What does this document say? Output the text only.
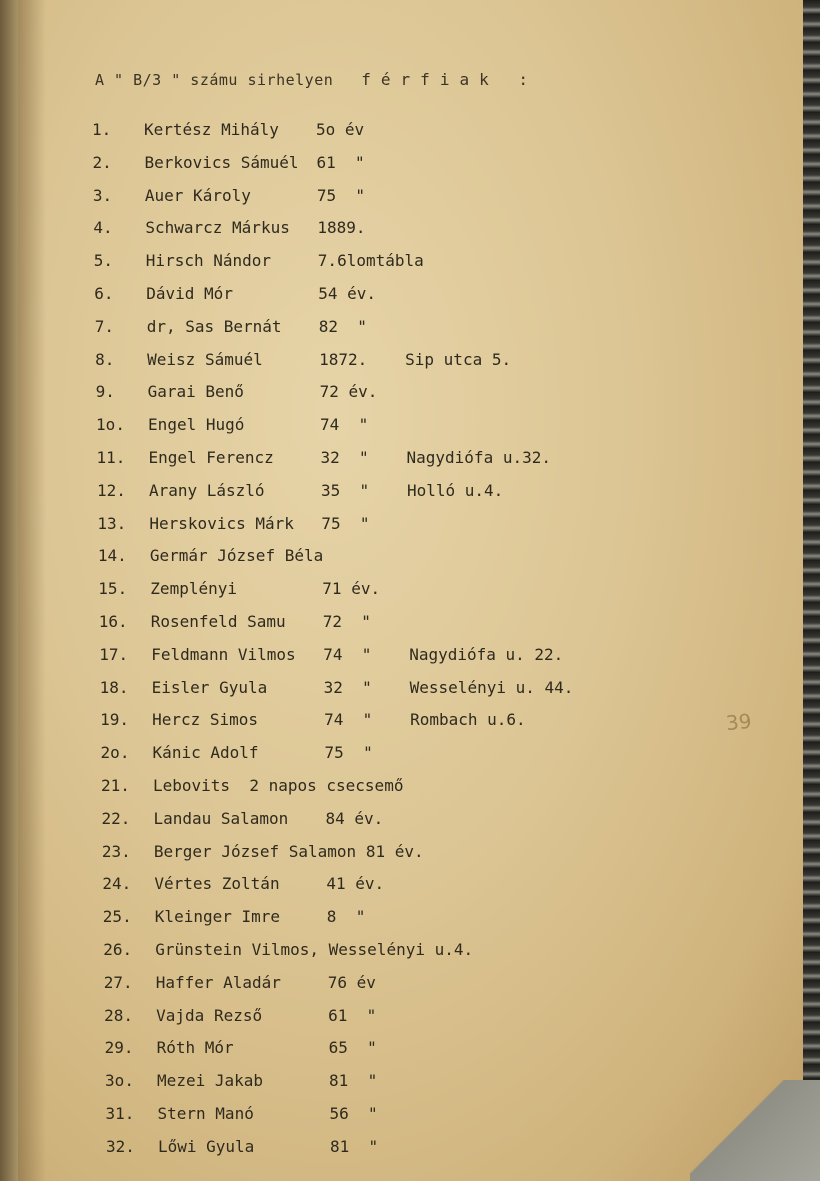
A " B/3 " számu sirhelyen férfiak :
1. Kertész Mihály 5o év
2. Berkovics Sámuél 61  "
3. Auer Károly	75  "
4. Schwarcz Márkus 1889.
5. Hirsch Nándor	7.6lomtábla
6. Dávid Mór	54 év.
7. dr, Sas Bernát 82  "
8. Weisz Sámuél	1872. Sip utca 5.
9. Garai Benő	72 év.
1o. Engel Hugó	74  "
11. Engel Ferencz	32  " Nagydiófa u.32.
12. Arany László	35  " Holló u.4.
13. Herskovics Márk 75  "
14. Germár József Béla
15. Zemplényi	71 év.
16. Rosenfeld Samu 72  "
17. Feldmann Vilmos 74  " Nagydiófa u. 22.
18. Eisler Gyula	32  " Wesselényi u. 44.
19. Hercz Simos	74  " Rombach u.6.
2o. Kánic Adolf	75  "
21. Lebovits  2 napos csecsemő
22. Landau Salamon 84 év.
23. Berger József Salamon 81 év.
24. Vértes Zoltán	41 év.
25. Kleinger Imre	8  "
26. Grünstein Vilmos, Wesselényi u.4.
27. Haffer Aladár	76 év
28. Vajda Rezső	61  "
29. Róth Mór	65  "
3o. Mezei Jakab	81  "
31. Stern Manó	56  "
32. Lőwi Gyula	81  "
39
